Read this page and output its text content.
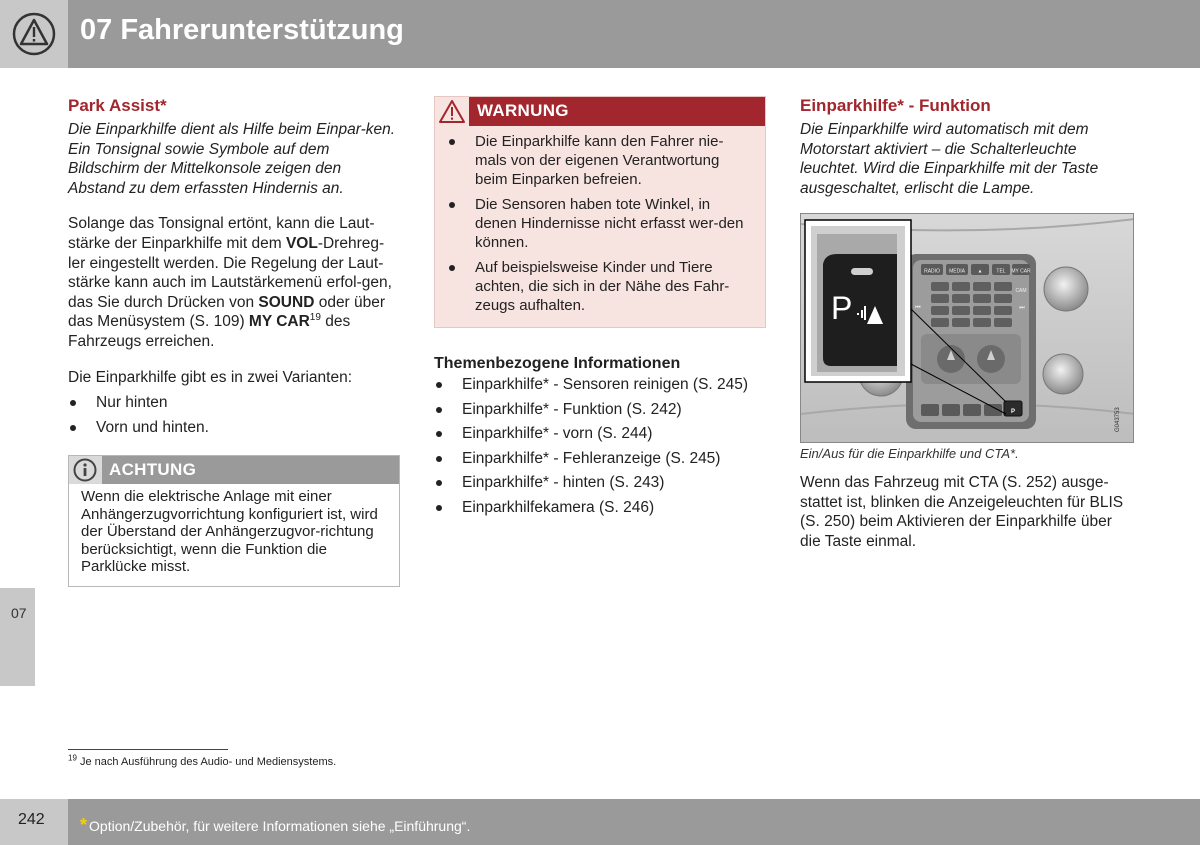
07 Fahrerunterstützung
07
Park Assist*
Die Einparkhilfe dient als Hilfe beim Einpar-ken. Ein Tonsignal sowie Symbole auf dem Bildschirm der Mittelkonsole zeigen den Abstand zu dem erfassten Hindernis an.

Solange das Tonsignal ertönt, kann die Laut-stärke der Einparkhilfe mit dem VOL-Drehreg-ler eingestellt werden. Die Regelung der Laut-stärke kann auch im Lautstärkemenü erfol-gen, das Sie durch Drücken von SOUND oder über das Menüsystem (S. 109) MY CAR$^{19}$ des Fahrzeugs erreichen.

Die Einparkhilfe gibt es in zwei Varianten:

Nur hinten
Vorn und hinten.
ACHTUNG
Wenn die elektrische Anlage mit einer Anhängerzugvorrichtung konfiguriert ist, wird der Überstand der Anhängerzugvor-richtung berücksichtigt, wenn die Funktion die Parklücke misst.
WARNUNG
Die Einparkhilfe kann den Fahrer nie-mals von der eigenen Verantwortung beim Einparken befreien.
Die Sensoren haben tote Winkel, in denen Hindernisse nicht erfasst wer-den können.
Auf beispielsweise Kinder und Tiere achten, die sich in der Nähe des Fahr-zeugs aufhalten.
Themenbezogene Informationen
Einparkhilfe* - Sensoren reinigen (S. 245)
Einparkhilfe* - Funktion (S. 242)
Einparkhilfe* - vorn (S. 244)
Einparkhilfe* - Fehleranzeige (S. 245)
Einparkhilfe* - hinten (S. 243)
Einparkhilfekamera (S. 246)
Einparkhilfe* - Funktion
Die Einparkhilfe wird automatisch mit dem Motorstart aktiviert – die Schalterleuchte leuchtet. Wird die Einparkhilfe mit der Taste ausgeschaltet, erlischt die Lampe.
RADIO MEDIA	▲	TEL MY CAR
CAM
⏮	⏭
P
P
G043753
Ein/Aus für die Einparkhilfe und CTA*.
Wenn das Fahrzeug mit CTA (S. 252) ausge-stattet ist, blinken die Anzeigeleuchten für BLIS (S. 250) beim Aktivieren der Einparkhilfe über die Taste einmal.
$^{19}$ Je nach Ausführung des Audio- und Mediensystems.
242 * Option/Zubehör, für weitere Informationen siehe „Einführung“.
